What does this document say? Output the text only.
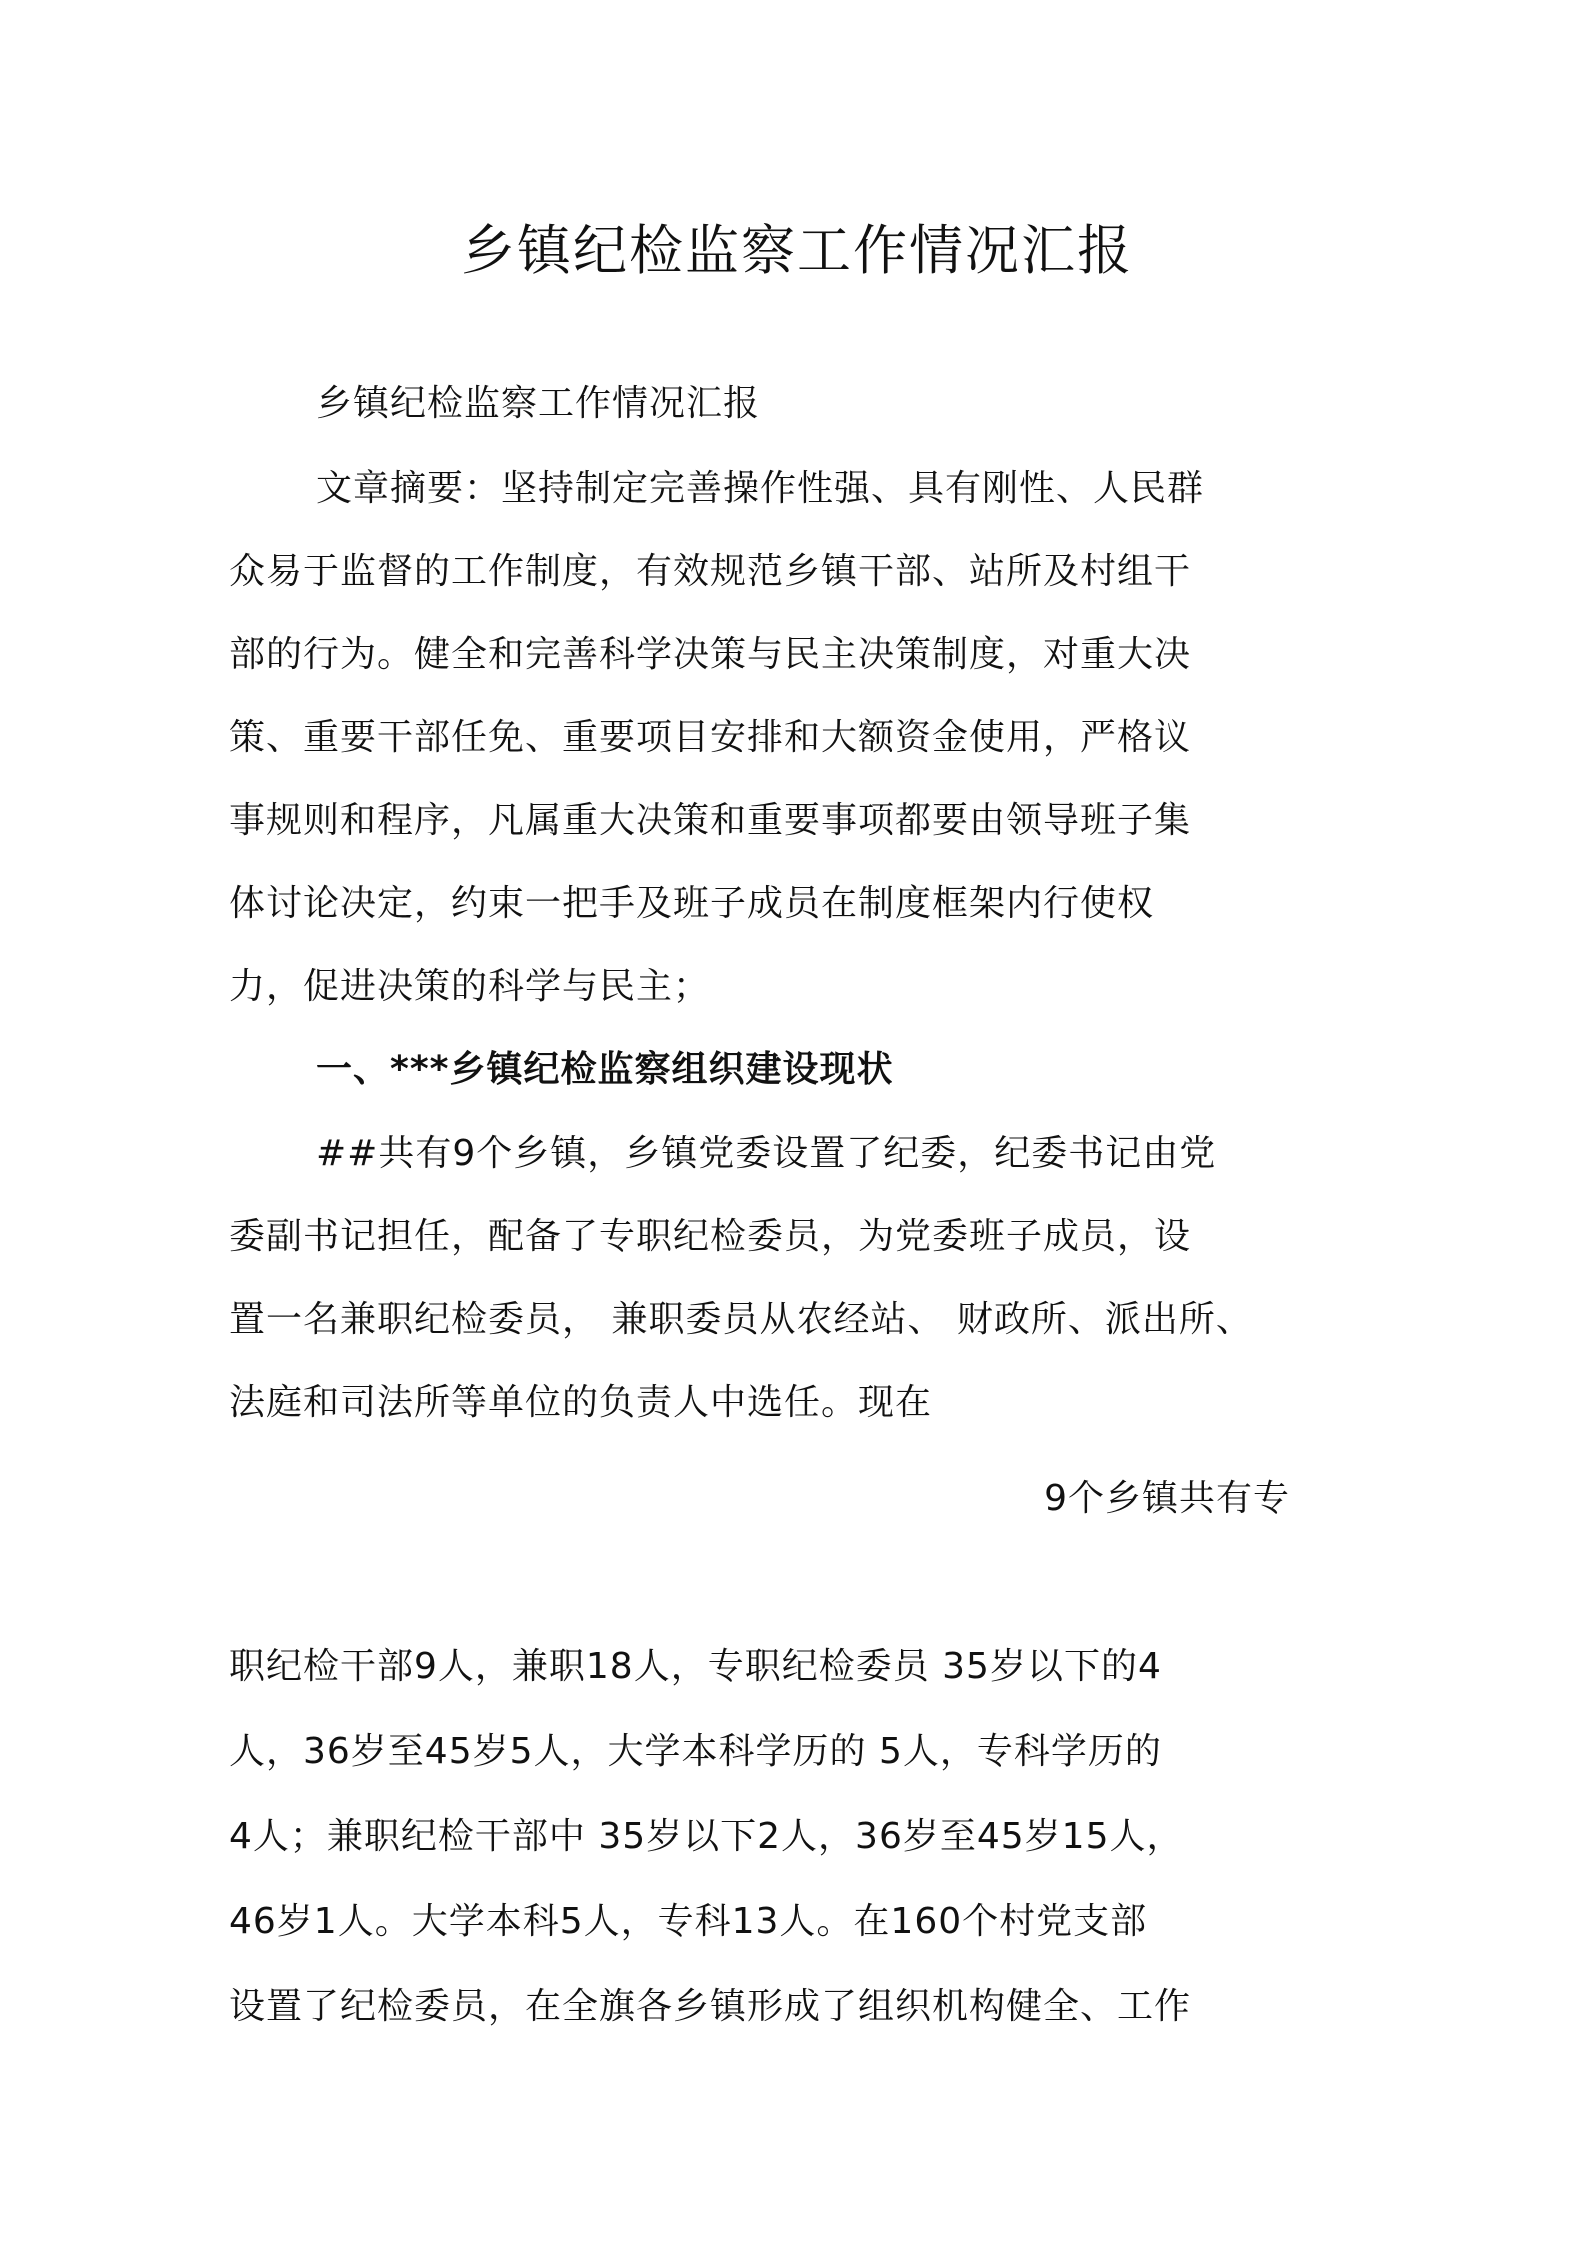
乡镇纪检监察工作情况汇报
乡镇纪检监察工作情况汇报
文章摘要：坚持制定完善操作性强、具有刚性、人民群
众易于监督的工作制度，有效规范乡镇干部、站所及村组干
部的行为。健全和完善科学决策与民主决策制度，对重大决
策、重要干部任免、重要项目安排和大额资金使用，严格议
事规则和程序，凡属重大决策和重要事项都要由领导班子集
体讨论决定，约束一把手及班子成员在制度框架内行使权
力，促进决策的科学与民主；
一、***乡镇纪检监察组织建设现状
##共有9个乡镇，乡镇党委设置了纪委，纪委书记由党
委副书记担任，配备了专职纪检委员，为党委班子成员，设
置一名兼职纪检委员， 兼职委员从农经站、 财政所、派出所、
法庭和司法所等单位的负责人中选任。现在
9个乡镇共有专
职纪检干部9人，兼职18人，专职纪检委员 35岁以下的4
人，36岁至45岁5人，大学本科学历的 5人，专科学历的
4人；兼职纪检干部中 35岁以下2人，36岁至45岁15人，
46岁1人。大学本科5人，专科13人。在160个村党支部
设置了纪检委员，在全旗各乡镇形成了组织机构健全、工作
